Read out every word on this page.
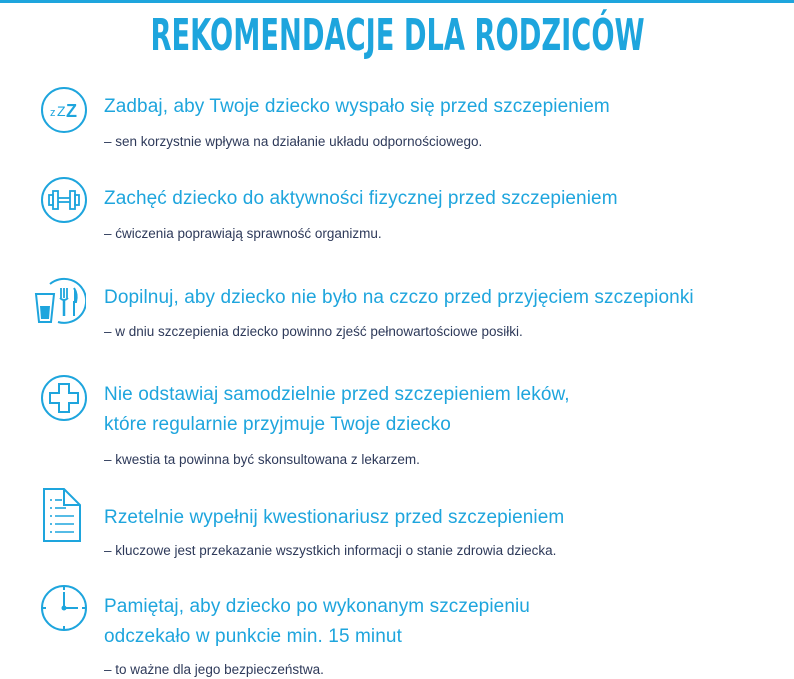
REKOMENDACJE DLA RODZICÓW
z Z Z Zadbaj, aby Twoje dziecko wyspało się przed szczepieniem
– sen korzystnie wpływa na działanie układu odpornościowego.
Zachęć dziecko do aktywności fizycznej przed szczepieniem
– ćwiczenia poprawiają sprawność organizmu.
Dopilnuj, aby dziecko nie było na czczo przed przyjęciem szczepionki
– w dniu szczepienia dziecko powinno zjeść pełnowartościowe posiłki.
Nie odstawiaj samodzielnie przed szczepieniem leków,
które regularnie przyjmuje Twoje dziecko
– kwestia ta powinna być skonsultowana z lekarzem.
Rzetelnie wypełnij kwestionariusz przed szczepieniem
– kluczowe jest przekazanie wszystkich informacji o stanie zdrowia dziecka.
Pamiętaj, aby dziecko po wykonanym szczepieniu
odczekało w punkcie min. 15 minut
– to ważne dla jego bezpieczeństwa.
